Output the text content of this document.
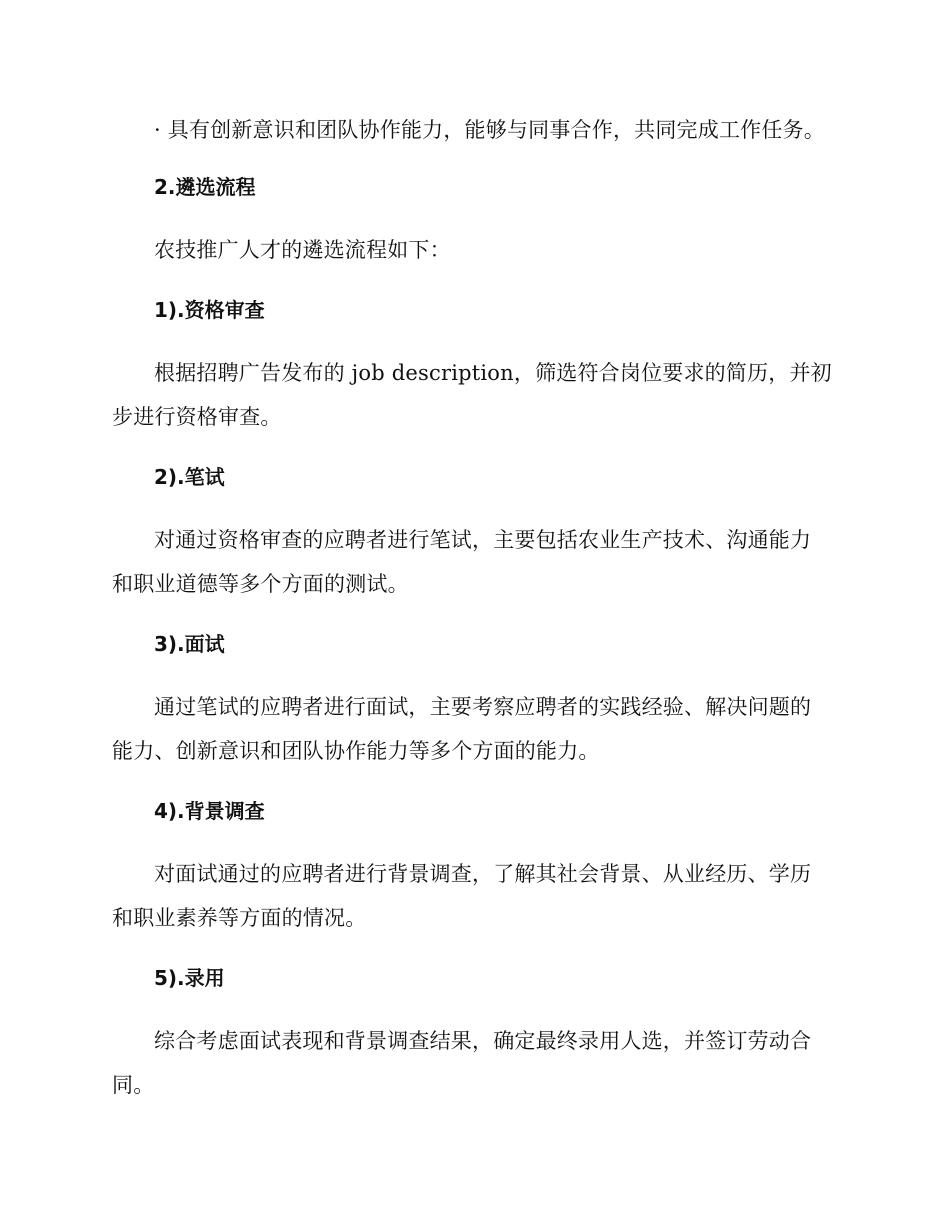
· 具有创新意识和团队协作能力，能够与同事合作，共同完成工作任务。

2.遴选流程

农技推广人才的遴选流程如下：

1).资格审查

根据招聘广告发布的 job description，筛选符合岗位要求的简历，并初步进行资格审查。

2).笔试

对通过资格审查的应聘者进行笔试，主要包括农业生产技术、沟通能力和职业道德等多个方面的测试。

3).面试

通过笔试的应聘者进行面试，主要考察应聘者的实践经验、解决问题的能力、创新意识和团队协作能力等多个方面的能力。

4).背景调查

对面试通过的应聘者进行背景调查，了解其社会背景、从业经历、学历和职业素养等方面的情况。

5).录用

综合考虑面试表现和背景调查结果，确定最终录用人选，并签订劳动合同。
